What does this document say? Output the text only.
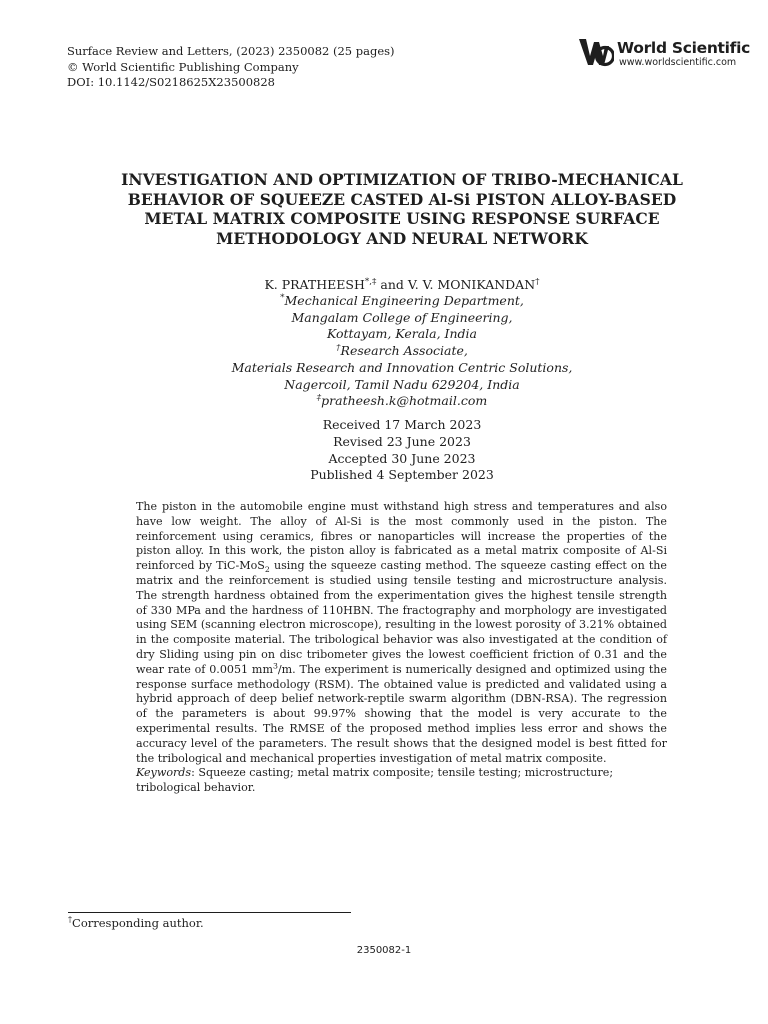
Surface Review and Letters, (2023) 2350082 (25 pages)
© World Scientific Publishing Company
DOI: 10.1142/S0218625X23500828
World Scientific
www.worldscientific.com
INVESTIGATION AND OPTIMIZATION OF TRIBO-MECHANICAL
BEHAVIOR OF SQUEEZE CASTED Al-Si PISTON ALLOY-BASED
METAL MATRIX COMPOSITE USING RESPONSE SURFACE
METHODOLOGY AND NEURAL NETWORK
K. PRATHEESH*,‡ and V. V. MONIKANDAN†
*Mechanical Engineering Department,
Mangalam College of Engineering,
Kottayam, Kerala, India
†Research Associate,
Materials Research and Innovation Centric Solutions,
Nagercoil, Tamil Nadu 629204, India
‡pratheesh.k@hotmail.com
Received 17 March 2023
Revised 23 June 2023
Accepted 30 June 2023
Published 4 September 2023

The piston in the automobile engine must withstand high stress and temperatures and also have low weight. The alloy of Al-Si is the most commonly used in the piston. The reinforcement using ceramics, fibres or nanoparticles will increase the properties of the piston alloy. In this work, the piston alloy is fabricated as a metal matrix composite of Al-Si reinforced by TiC-MoS$_2$ using the squeeze casting method. The squeeze casting effect on the matrix and the reinforcement is studied using tensile testing and microstructure analysis. The strength hardness obtained from the experimentation gives the highest tensile strength of 330 MPa and the hardness of 110HBN. The fractography and morphology are investigated using SEM (scanning electron microscope), resulting in the lowest porosity of 3.21% obtained in the composite material. The tribological behavior was also investigated at the condition of dry Sliding using pin on disc tribometer gives the lowest coefficient friction of 0.31 and the wear rate of 0.0051 $mm^3/m$. The experiment is numerically designed and optimized using the response surface methodology (RSM). The obtained value is predicted and validated using a hybrid approach of deep belief network-reptile swarm algorithm (DBN-RSA). The regression of the parameters is about 99.97% showing that the model is very accurate to the experimental results. The RMSE of the proposed method implies less error and shows the accuracy level of the parameters. The result shows that the designed model is best fitted for the tribological and mechanical properties investigation of metal matrix composite.

Keywords: Squeeze casting; metal matrix composite; tensile testing; microstructure; tribological behavior.
†Corresponding author.
2350082-1
